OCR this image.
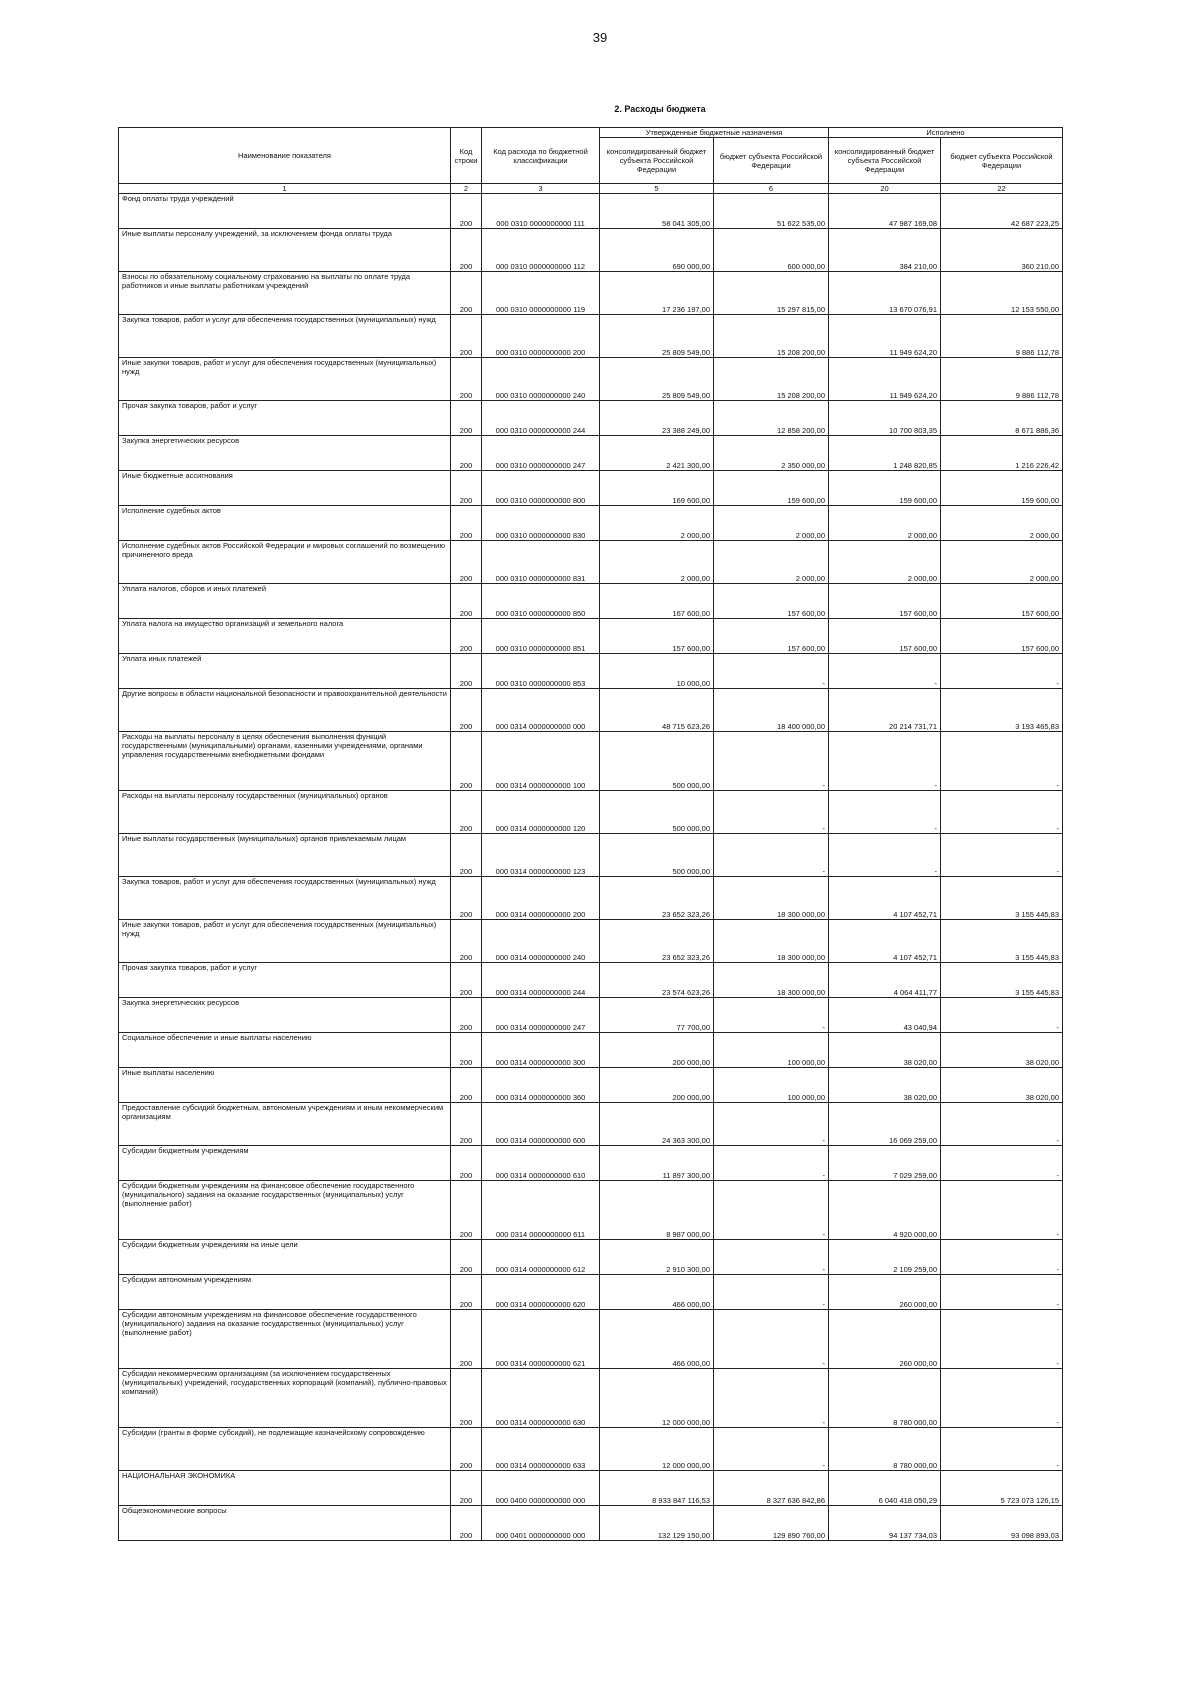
39
2. Расходы бюджета
Наименование показателя	Код строки	Код расхода по бюджетной классификации	Утвержденные бюджетные назначения		Исполнено	
			консолидированный бюджет субъекта Российской Федерации	бюджет субъекта Российской Федерации	консолидированный бюджет субъекта Российской Федерации	бюджет субъекта Российской Федерации
1	2	3	5	6	20	22
Фонд оплаты труда учреждений	200	000 0310 0000000000 111	58 041 305,00	51 622 535,00	47 987 169,08	42 687 223,25
Иные выплаты персоналу учреждений, за исключением фонда оплаты труда	200	000 0310 0000000000 112	690 000,00	600 000,00	384 210,00	360 210,00
Взносы по обязательному социальному страхованию на выплаты по оплате труда работников и иные выплаты работникам учреждений	200	000 0310 0000000000 119	17 236 197,00	15 297 815,00	13 670 076,91	12 153 550,00
Закупка товаров, работ и услуг для обеспечения государственных (муниципальных) нужд	200	000 0310 0000000000 200	25 809 549,00	15 208 200,00	11 949 624,20	9 886 112,78
Иные закупки товаров, работ и услуг для обеспечения государственных (муниципальных) нужд	200	000 0310 0000000000 240	25 809 549,00	15 208 200,00	11 949 624,20	9 886 112,78
Прочая закупка товаров, работ и услуг	200	000 0310 0000000000 244	23 388 249,00	12 858 200,00	10 700 803,35	8 671 886,36
Закупка энергетических ресурсов	200	000 0310 0000000000 247	2 421 300,00	2 350 000,00	1 248 820,85	1 216 226,42
Иные бюджетные ассигнования	200	000 0310 0000000000 800	169 600,00	159 600,00	159 600,00	159 600,00
Исполнение судебных актов	200	000 0310 0000000000 830	2 000,00	2 000,00	2 000,00	2 000,00
Исполнение судебных актов Российской Федерации и мировых соглашений по возмещению причиненного вреда	200	000 0310 0000000000 831	2 000,00	2 000,00	2 000,00	2 000,00
Уплата налогов, сборов и иных платежей	200	000 0310 0000000000 850	167 600,00	157 600,00	157 600,00	157 600,00
Уплата налога на имущество организаций и земельного налога	200	000 0310 0000000000 851	157 600,00	157 600,00	157 600,00	157 600,00
Уплата иных платежей	200	000 0310 0000000000 853	10 000,00	-	-	-
Другие вопросы в области национальной безопасности и правоохранительной деятельности	200	000 0314 0000000000 000	48 715 623,26	18 400 000,00	20 214 731,71	3 193 465,83
Расходы на выплаты персоналу в целях обеспечения выполнения функций государственными (муниципальными) органами, казенными учреждениями, органами управления государственными внебюджетными фондами	200	000 0314 0000000000 100	500 000,00	-	-	-
Расходы на выплаты персоналу государственных (муниципальных) органов	200	000 0314 0000000000 120	500 000,00	-	-	-
Иные выплаты государственных (муниципальных) органов привлекаемым лицам	200	000 0314 0000000000 123	500 000,00	-	-	-
Закупка товаров, работ и услуг для обеспечения государственных (муниципальных) нужд	200	000 0314 0000000000 200	23 652 323,26	18 300 000,00	4 107 452,71	3 155 445,83
Иные закупки товаров, работ и услуг для обеспечения государственных (муниципальных) нужд	200	000 0314 0000000000 240	23 652 323,26	18 300 000,00	4 107 452,71	3 155 445,83
Прочая закупка товаров, работ и услуг	200	000 0314 0000000000 244	23 574 623,26	18 300 000,00	4 064 411,77	3 155 445,83
Закупка энергетических ресурсов	200	000 0314 0000000000 247	77 700,00	-	43 040,94	-
Социальное обеспечение и иные выплаты населению	200	000 0314 0000000000 300	200 000,00	100 000,00	38 020,00	38 020,00
Иные выплаты населению	200	000 0314 0000000000 360	200 000,00	100 000,00	38 020,00	38 020,00
Предоставление субсидий бюджетным, автономным учреждениям и иным некоммерческим организациям	200	000 0314 0000000000 600	24 363 300,00	-	16 069 259,00	-
Субсидии бюджетным учреждениям	200	000 0314 0000000000 610	11 897 300,00	-	7 029 259,00	-
Субсидии бюджетным учреждениям на финансовое обеспечение государственного (муниципального) задания на оказание государственных (муниципальных) услуг (выполнение работ)	200	000 0314 0000000000 611	8 987 000,00	-	4 920 000,00	-
Субсидии бюджетным учреждениям на иные цели	200	000 0314 0000000000 612	2 910 300,00	-	2 109 259,00	-
Субсидии автономным учреждениям	200	000 0314 0000000000 620	466 000,00	-	260 000,00	-
Субсидии автономным учреждениям на финансовое обеспечение государственного (муниципального) задания на оказание государственных (муниципальных) услуг (выполнение работ)	200	000 0314 0000000000 621	466 000,00	-	260 000,00	-
Субсидии некоммерческим организациям (за исключением государственных (муниципальных) учреждений, государственных корпораций (компаний), публично-правовых компаний)	200	000 0314 0000000000 630	12 000 000,00	-	8 780 000,00	-
Субсидии (гранты в форме субсидий), не подлежащие казначейскому сопровождению	200	000 0314 0000000000 633	12 000 000,00	-	8 780 000,00	-
НАЦИОНАЛЬНАЯ ЭКОНОМИКА	200	000 0400 0000000000 000	8 933 847 116,53	8 327 636 842,86	6 040 418 050,29	5 723 073 126,15
Общеэкономические вопросы	200	000 0401 0000000000 000	132 129 150,00	129 890 760,00	94 137 734,03	93 098 893,03
